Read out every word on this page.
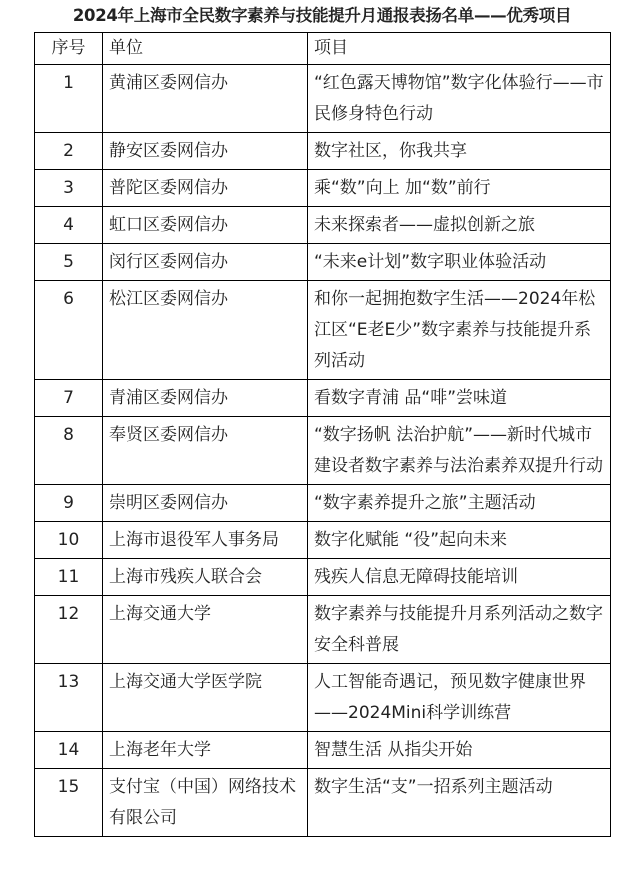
2024年上海市全民数字素养与技能提升月通报表扬名单——优秀项目
序号	单位	项目
1	黄浦区委网信办	“红色露天博物馆”数字化体验行——市民修身特色行动
2	静安区委网信办	数字社区，你我共享
3	普陀区委网信办	乘“数”向上 加“数”前行
4	虹口区委网信办	未来探索者——虚拟创新之旅
5	闵行区委网信办	“未来e计划”数字职业体验活动
6	松江区委网信办	和你一起拥抱数字生活——2024年松江区“E老E少”数字素养与技能提升系列活动
7	青浦区委网信办	看数字青浦 品“啡”尝味道
8	奉贤区委网信办	“数字扬帆 法治护航”——新时代城市建设者数字素养与法治素养双提升行动
9	崇明区委网信办	“数字素养提升之旅”主题活动
10	上海市退役军人事务局	数字化赋能 “役”起向未来
11	上海市残疾人联合会	残疾人信息无障碍技能培训
12	上海交通大学	数字素养与技能提升月系列活动之数字安全科普展
13	上海交通大学医学院	人工智能奇遇记，预见数字健康世界——2024Mini科学训练营
14	上海老年大学	智慧生活 从指尖开始
15	支付宝（中国）网络技术有限公司	数字生活“支”一招系列主题活动
